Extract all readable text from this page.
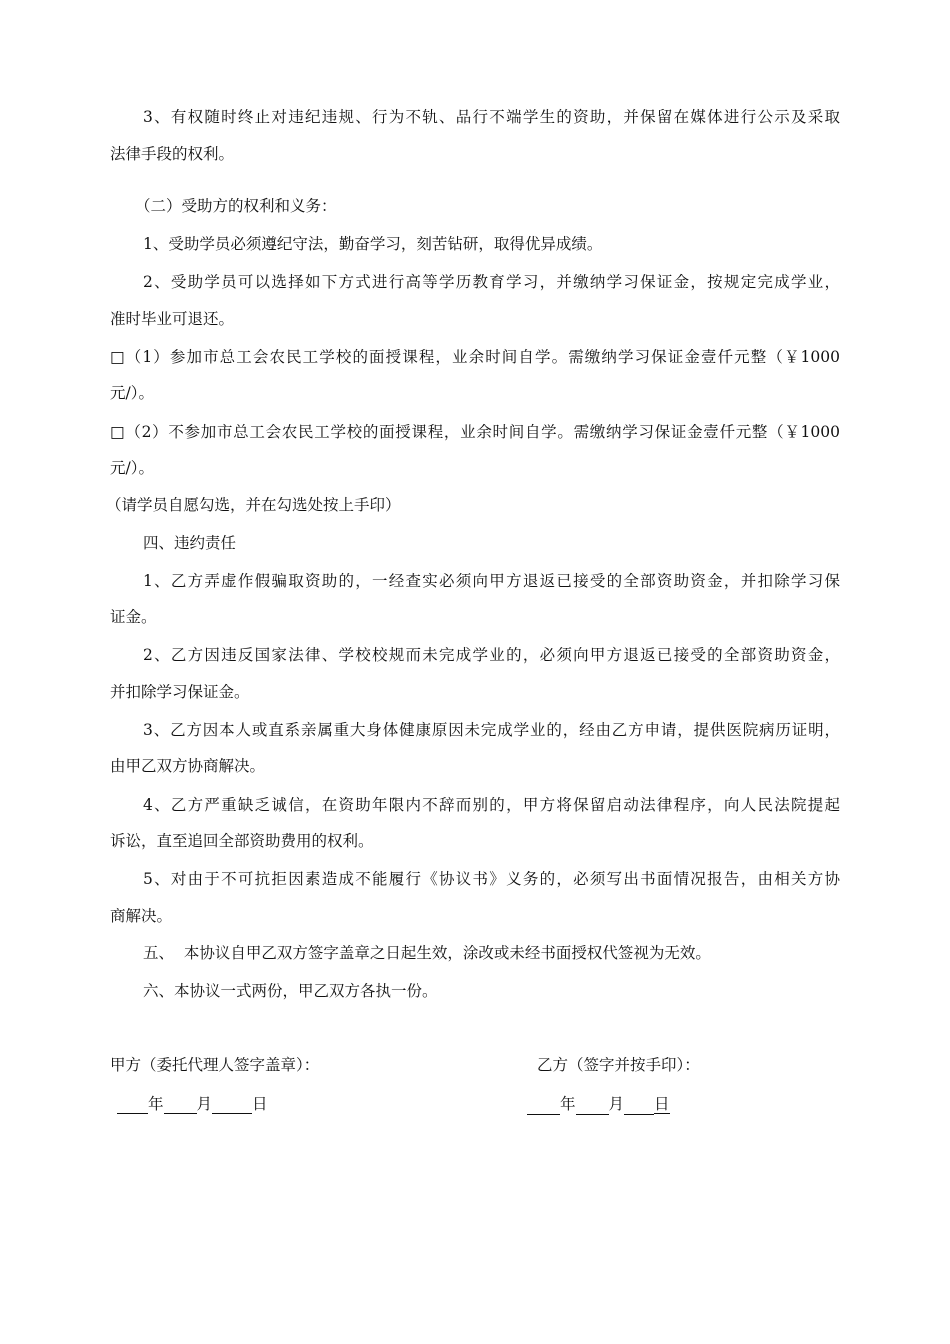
3、有权随时终止对违纪违规、行为不轨、品行不端学生的资助，并保留在媒体进行公示及采取
法律手段的权利。
（二）受助方的权利和义务：
1、受助学员必须遵纪守法，勤奋学习，刻苦钻研，取得优异成绩。
2、受助学员可以选择如下方式进行高等学历教育学习，并缴纳学习保证金，按规定完成学业，
准时毕业可退还。
□（1）参加市总工会农民工学校的面授课程，业余时间自学。需缴纳学习保证金壹仟元整（￥1000
元/）。
□（2）不参加市总工会农民工学校的面授课程，业余时间自学。需缴纳学习保证金壹仟元整（￥1000
元/）。
（请学员自愿勾选，并在勾选处按上手印）
四、违约责任
1、乙方弄虚作假骗取资助的，一经查实必须向甲方退返已接受的全部资助资金，并扣除学习保
证金。
2、乙方因违反国家法律、学校校规而未完成学业的，必须向甲方退返已接受的全部资助资金，
并扣除学习保证金。
3、乙方因本人或直系亲属重大身体健康原因未完成学业的，经由乙方申请，提供医院病历证明，
由甲乙双方协商解决。
4、乙方严重缺乏诚信，在资助年限内不辞而别的，甲方将保留启动法律程序，向人民法院提起
诉讼，直至追回全部资助费用的权利。
5、对由于不可抗拒因素造成不能履行《协议书》义务的，必须写出书面情况报告，由相关方协
商解决。
五、  本协议自甲乙双方签字盖章之日起生效，涂改或未经书面授权代签视为无效。
六、本协议一式两份，甲乙双方各执一份。
甲方（委托代理人签字盖章）：	乙方（签字并按手印）：
年 月	日	年 月 日
